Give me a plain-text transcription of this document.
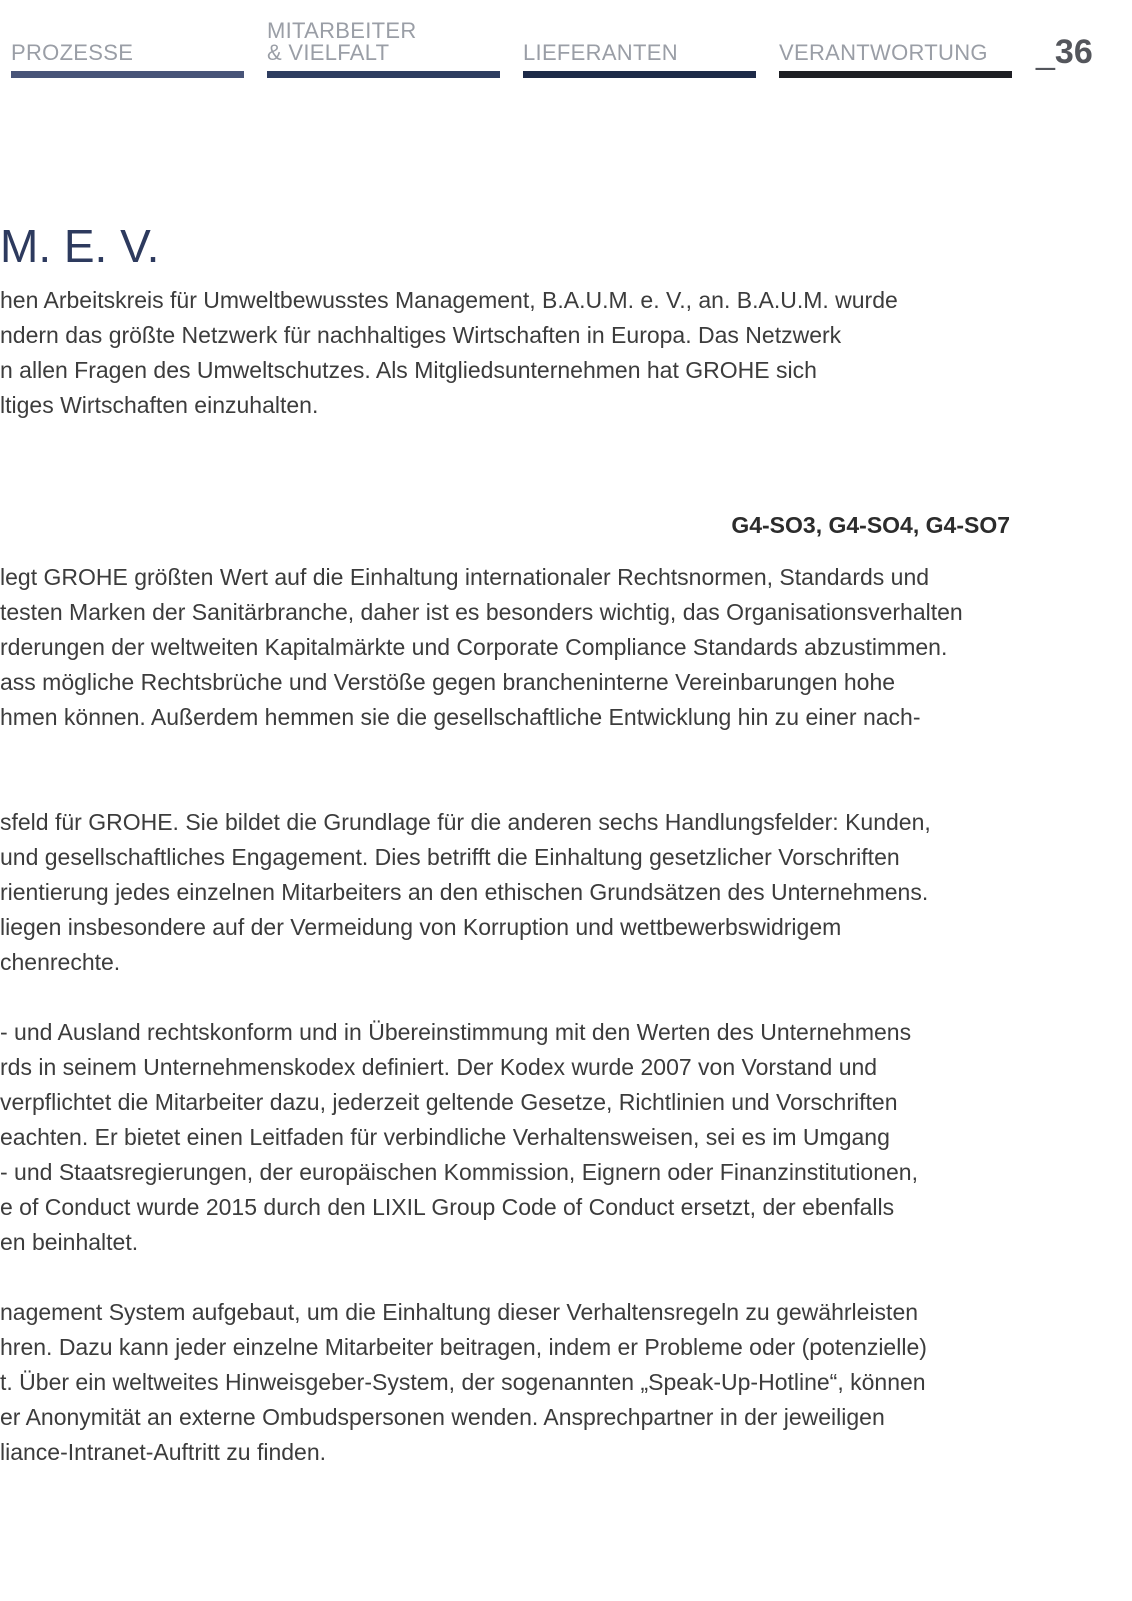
PROZESSE
MITARBEITER
& VIELFALT	LIEFERANTEN	VERANTWORTUNG _36
M. E. V.

hen Arbeitskreis für Umweltbewusstes Management, B.A.U.M. e. V., an. B.A.U.M. wurde
ndern das größte Netzwerk für nachhaltiges Wirtschaften in Europa. Das Netzwerk
n allen Fragen des Umweltschutzes. Als Mitgliedsunternehmen hat GROHE sich
ltiges Wirtschaften einzuhalten.

G4-SO3, G4-SO4, G4-SO7

legt GROHE größten Wert auf die Einhaltung internationaler Rechtsnormen, Standards und
testen Marken der Sanitärbranche, daher ist es besonders wichtig, das Organisationsverhalten
rderungen der weltweiten Kapitalmärkte und Corporate Compliance Standards abzustimmen.
ass mögliche Rechtsbrüche und Verstöße gegen brancheninterne Vereinbarungen hohe
hmen können. Außerdem hemmen sie die gesellschaftliche Entwicklung hin zu einer nach-

sfeld für GROHE. Sie bildet die Grundlage für die anderen sechs Handlungsfelder: Kunden,
und gesellschaftliches Engagement. Dies betrifft die Einhaltung gesetzlicher Vorschriften
rientierung jedes einzelnen Mitarbeiters an den ethischen Grundsätzen des Unternehmens.
liegen insbesondere auf der Vermeidung von Korruption und wettbewerbswidrigem
chenrechte.

- und Ausland rechtskonform und in Übereinstimmung mit den Werten des Unternehmens
rds in seinem Unternehmenskodex definiert. Der Kodex wurde 2007 von Vorstand und
verpflichtet die Mitarbeiter dazu, jederzeit geltende Gesetze, Richtlinien und Vorschriften
eachten. Er bietet einen Leitfaden für verbindliche Verhaltensweisen, sei es im Umgang
- und Staatsregierungen, der europäischen Kommission, Eignern oder Finanzinstitutionen,
e of Conduct wurde 2015 durch den LIXIL Group Code of Conduct ersetzt, der ebenfalls
en beinhaltet.

nagement System aufgebaut, um die Einhaltung dieser Verhaltensregeln zu gewährleisten
hren. Dazu kann jeder einzelne Mitarbeiter beitragen, indem er Probleme oder (potenzielle)
t. Über ein weltweites Hinweisgeber-System, der sogenannten „Speak-Up-Hotline“, können
er Anonymität an externe Ombudspersonen wenden. Ansprechpartner in der jeweiligen
liance-Intranet-Auftritt zu finden.
